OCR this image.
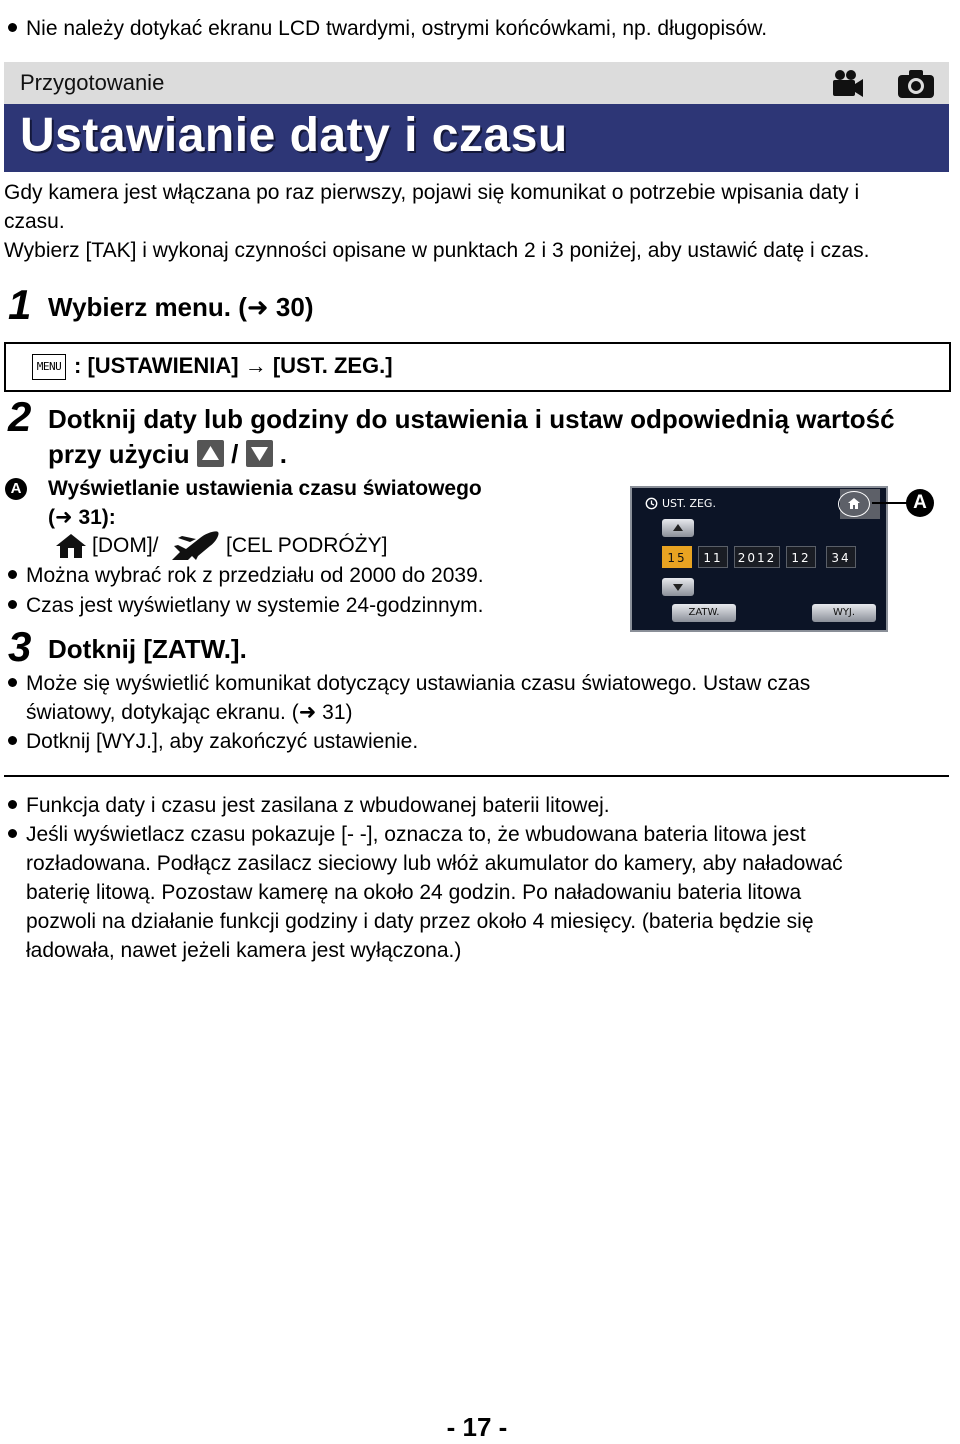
Nie należy dotykać ekranu LCD twardymi, ostrymi końcówkami, np. długopisów.
Przygotowanie
Ustawianie daty i czasu
Gdy kamera jest włączana po raz pierwszy, pojawi się komunikat o potrzebie wpisania daty i
czasu.
Wybierz [TAK] i wykonaj czynności opisane w punktach 2 i 3 poniżej, aby ustawić datę i czas.
1 Wybierz menu. (➜ 30)
MENU : [USTAWIENIA] → [UST. ZEG.]
2 Dotknij daty lub godziny do ustawienia i ustaw odpowiednią wartość
przy użyciu / .
A Wyświetlanie ustawienia czasu światowego
(➜ 31):
[DOM]/	[CEL PODRÓŻY]
Można wybrać rok z przedziału od 2000 do 2039.
Czas jest wyświetlany w systemie 24-godzinnym.
UST. ZEG.
15	11	2012	12	34
ZATW.	WYJ.
A
3 Dotknij [ZATW.].
Może się wyświetlić komunikat dotyczący ustawiania czasu światowego. Ustaw czas
światowy, dotykając ekranu. (➜ 31)
Dotknij [WYJ.], aby zakończyć ustawienie.
Funkcja daty i czasu jest zasilana z wbudowanej baterii litowej.
Jeśli wyświetlacz czasu pokazuje [- -], oznacza to, że wbudowana bateria litowa jest
rozładowana. Podłącz zasilacz sieciowy lub włóż akumulator do kamery, aby naładować
baterię litową. Pozostaw kamerę na około 24 godzin. Po naładowaniu bateria litowa
pozwoli na działanie funkcji godziny i daty przez około 4 miesięcy. (bateria będzie się
ładowała, nawet jeżeli kamera jest wyłączona.)
- 17 -
